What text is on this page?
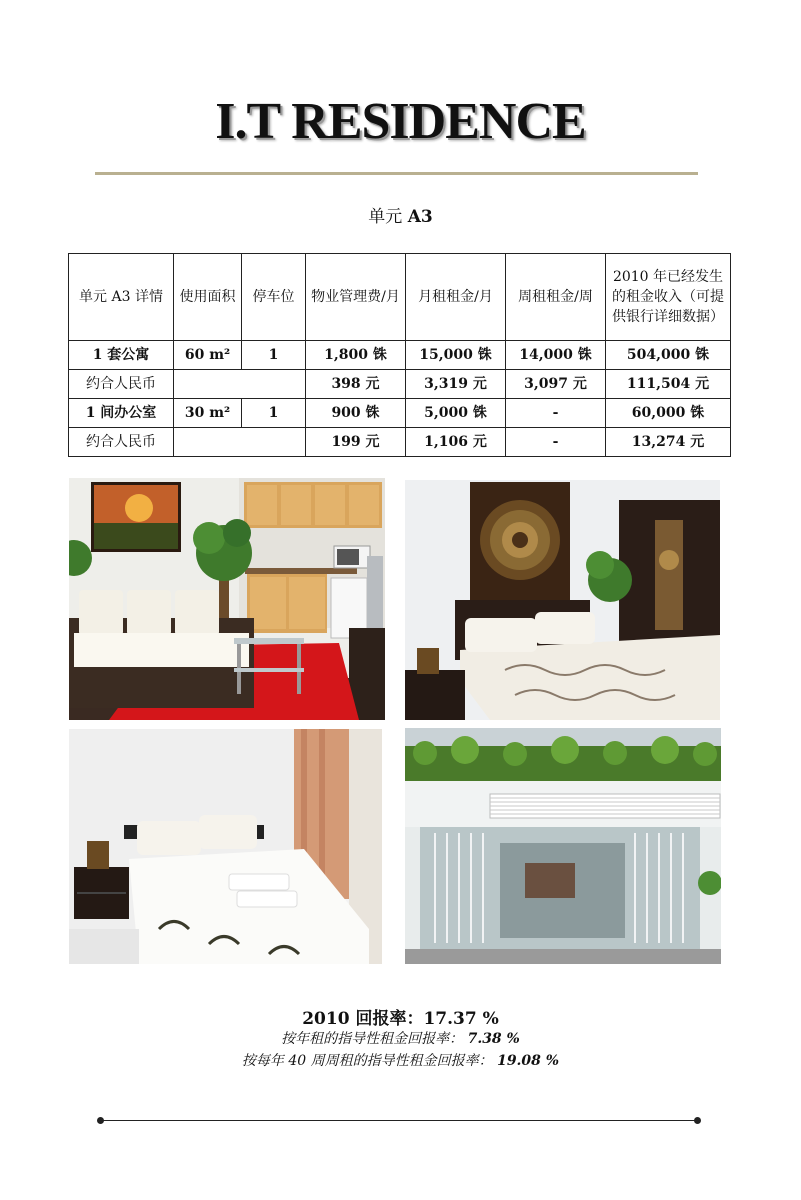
I.T RESIDENCE
单元 A3
单元 A3 详情	使用面积	停车位	物业管理费/月	月租租金/月	周租租金/周	2010 年已经发生的租金收入（可提供银行详细数据）
1 套公寓	60 m²	1	1,800 铢	15,000 铢	14,000 铢	504,000 铢
约合人民币			398 元	3,319 元	3,097 元	111,504 元
1 间办公室	30 m²	1	900 铢	5,000 铢	-	60,000 铢
约合人民币			199 元	1,106 元	-	13,274 元
2010 回报率：17.37 %
按年租的指导性租金回报率： 7.38 %
按每年 40 周周租的指导性租金回报率： 19.08 %
